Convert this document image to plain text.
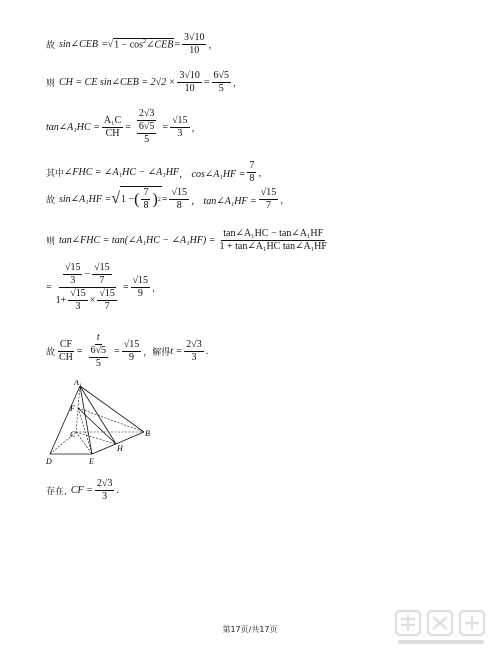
故 sin∠CEB = √ $1 - \cos^2\angle CEB = \frac{3√10}{10}$ ，
则 CH = CE sin∠CEB = $2√2 \times \frac{3√10}{10} = \frac{6√5}{5}$ ，
tan∠A₁HC = $\frac{\text{A₁C}}{CH} = \frac{2√3}{\frac{6√5}{5}} = \frac{√15}{3}$ ，
其中 ∠FHC = ∠A₁HC − ∠A₁HF ， cos∠A₁HF = $\frac{7}{8}$ ，
故 sin∠A₁HF = √ 1 − ( $\frac{7}{8}$ ) $2 = \frac{√15}{8}$ ， tan∠A₁HF = $\frac{√15}{7}$ ，
则 tan∠FHC = tan(∠A₁HC − ∠A₁HF) = $\frac{\text{tan∠A₁HC − tan∠A₁HF}}{\text{1 + tan∠A₁HC tan∠A₁HF}}$
= $\frac{\frac{√15}{3} - \frac{√15}{7}}{1+ \frac{√15}{3} \times \frac{√15}{7}} = \frac{√15}{9}$ ，
故 $\frac{CF}{CH} = \frac{t}{\frac{6√5}{5}} = \frac{√15}{9}$ ，解得 $t = \frac{2√3}{3}$ .
$A_1$
F
C	B
H
D	E
存在, CF = $\frac{2√3}{3}$ .
第17页/共17页
